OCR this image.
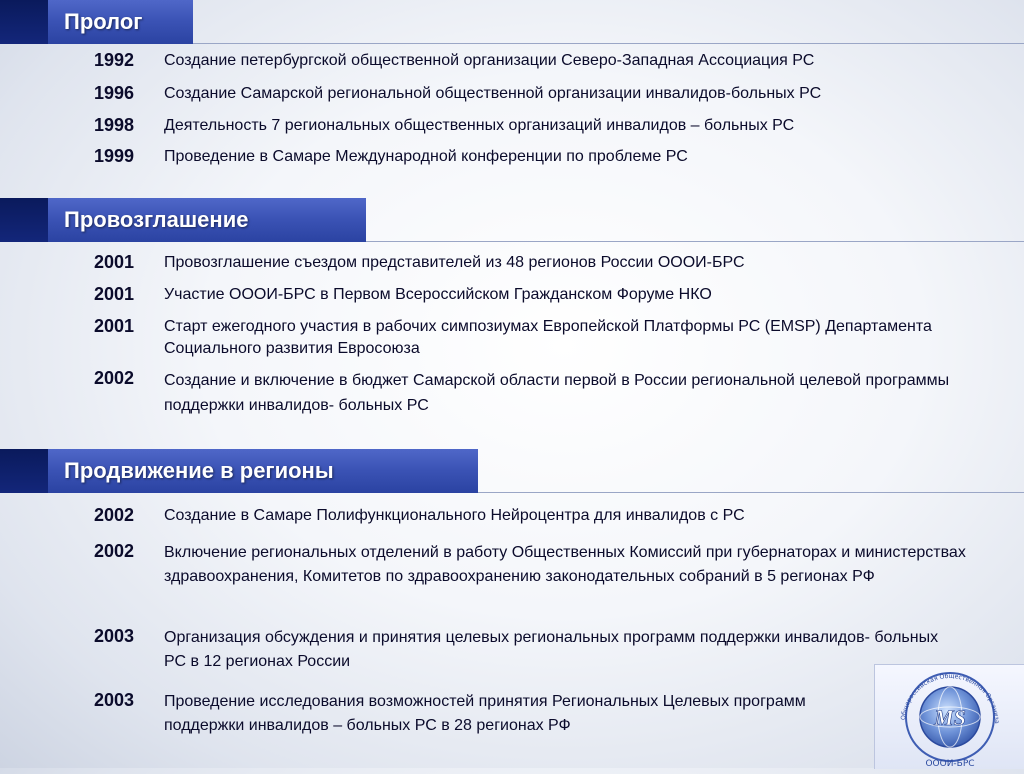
Пролог
1992	Создание петербургской общественной организации Северо-Западная Ассоциация РС
1996	Создание Самарской региональной общественной организации инвалидов-больных РС
1998	Деятельность 7 региональных общественных организаций инвалидов – больных РС
1999	Проведение в Самаре Международной конференции по проблеме РС
Провозглашение
2001	Провозглашение съездом представителей из 48 регионов России ОООИ-БРС
2001	Участие ОООИ-БРС в Первом Всероссийском Гражданском Форуме НКО
2001	Старт ежегодного участия в рабочих симпозиумах Европейской Платформы РС (EMSP) Департамента Социального развития Евросоюза
2002	Создание и включение в бюджет Самарской области первой в России региональной целевой программы поддержки инвалидов- больных РС
Продвижение в регионы
2002	Создание в Самаре Полифункционального Нейроцентра для инвалидов с РС
2002	Включение региональных отделений в работу Общественных Комиссий при губернаторах и министерствах здравоохранения, Комитетов по здравоохранению законодательных собраний в 5 регионах РФ
2003	Организация обсуждения и принятия целевых региональных программ поддержки инвалидов- больных РС в 12 регионах России
2003	Проведение исследования возможностей принятия Региональных Целевых программ поддержки инвалидов – больных РС в 28 регионах РФ	MS
Общероссийская Общественная Организа
ОООИ-БРС
